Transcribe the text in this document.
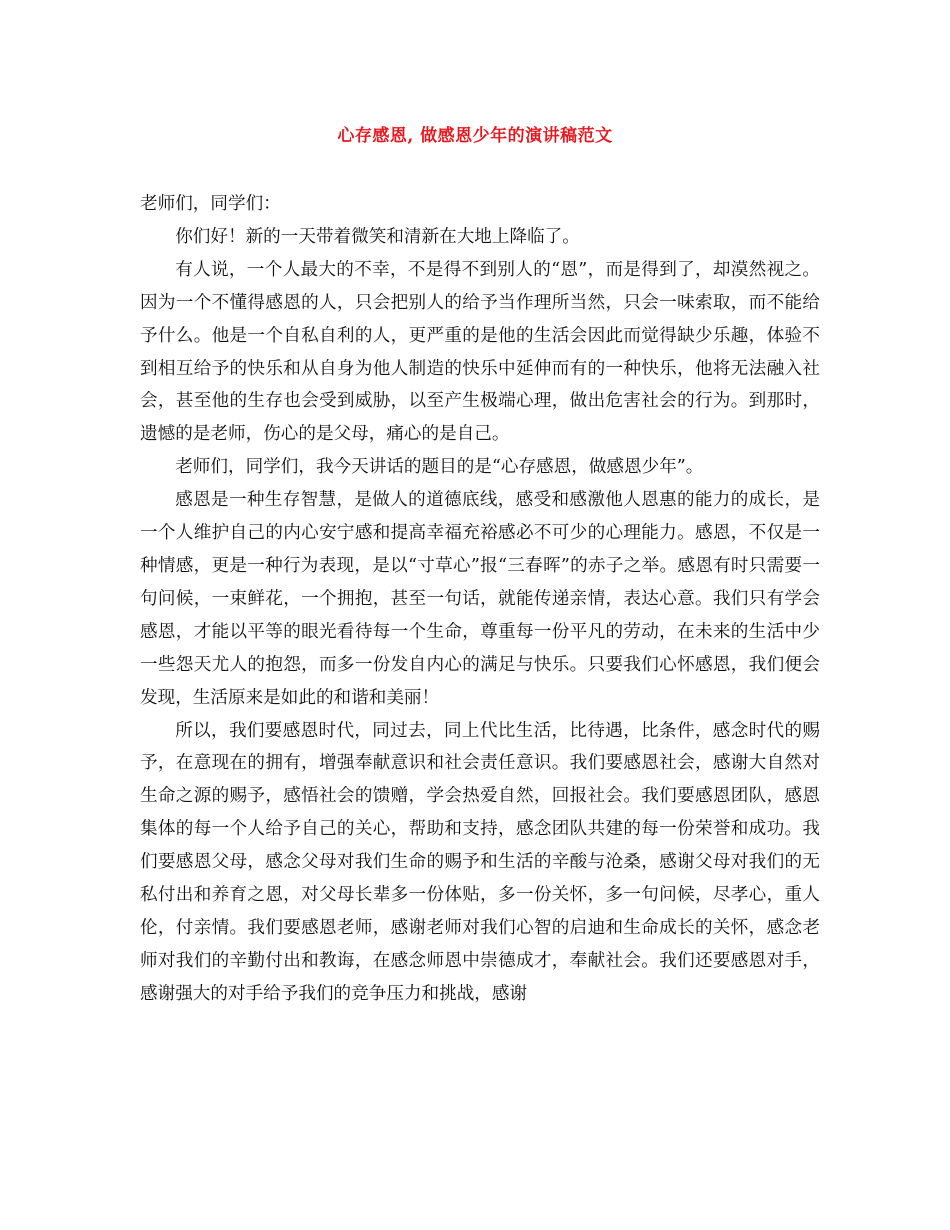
心存感恩, 做感恩少年的演讲稿范文

老师们，同学们：

你们好！新的一天带着微笑和清新在大地上降临了。

有人说，一个人最大的不幸，不是得不到别人的“恩”，而是得到了，却漠然视之。因为一个不懂得感恩的人，只会把别人的给予当作理所当然，只会一味索取，而不能给予什么。他是一个自私自利的人，更严重的是他的生活会因此而觉得缺少乐趣，体验不到相互给予的快乐和从自身为他人制造的快乐中延伸而有的一种快乐，他将无法融入社会，甚至他的生存也会受到威胁，以至产生极端心理，做出危害社会的行为。到那时，遗憾的是老师，伤心的是父母，痛心的是自己。

老师们，同学们，我今天讲话的题目的是“心存感恩，做感恩少年”。

感恩是一种生存智慧，是做人的道德底线，感受和感激他人恩惠的能力的成长，是一个人维护自己的内心安宁感和提高幸福充裕感必不可少的心理能力。感恩，不仅是一种情感，更是一种行为表现，是以“寸草心”报“三春晖”的赤子之举。感恩有时只需要一句问候，一束鲜花，一个拥抱，甚至一句话，就能传递亲情，表达心意。我们只有学会感恩，才能以平等的眼光看待每一个生命，尊重每一份平凡的劳动，在未来的生活中少一些怨天尤人的抱怨，而多一份发自内心的满足与快乐。只要我们心怀感恩，我们便会发现，生活原来是如此的和谐和美丽！

所以，我们要感恩时代，同过去，同上代比生活，比待遇，比条件，感念时代的赐予，在意现在的拥有，增强奉献意识和社会责任意识。我们要感恩社会，感谢大自然对生命之源的赐予，感悟社会的馈赠，学会热爱自然，回报社会。我们要感恩团队，感恩集体的每一个人给予自己的关心，帮助和支持，感念团队共建的每一份荣誉和成功。我们要感恩父母，感念父母对我们生命的赐予和生活的辛酸与沧桑，感谢父母对我们的无私付出和养育之恩，对父母长辈多一份体贴，多一份关怀，多一句问候，尽孝心，重人伦，付亲情。我们要感恩老师，感谢老师对我们心智的启迪和生命成长的关怀，感念老师对我们的辛勤付出和教诲，在感念师恩中崇德成才，奉献社会。我们还要感恩对手，感谢强大的对手给予我们的竞争压力和挑战，感谢
